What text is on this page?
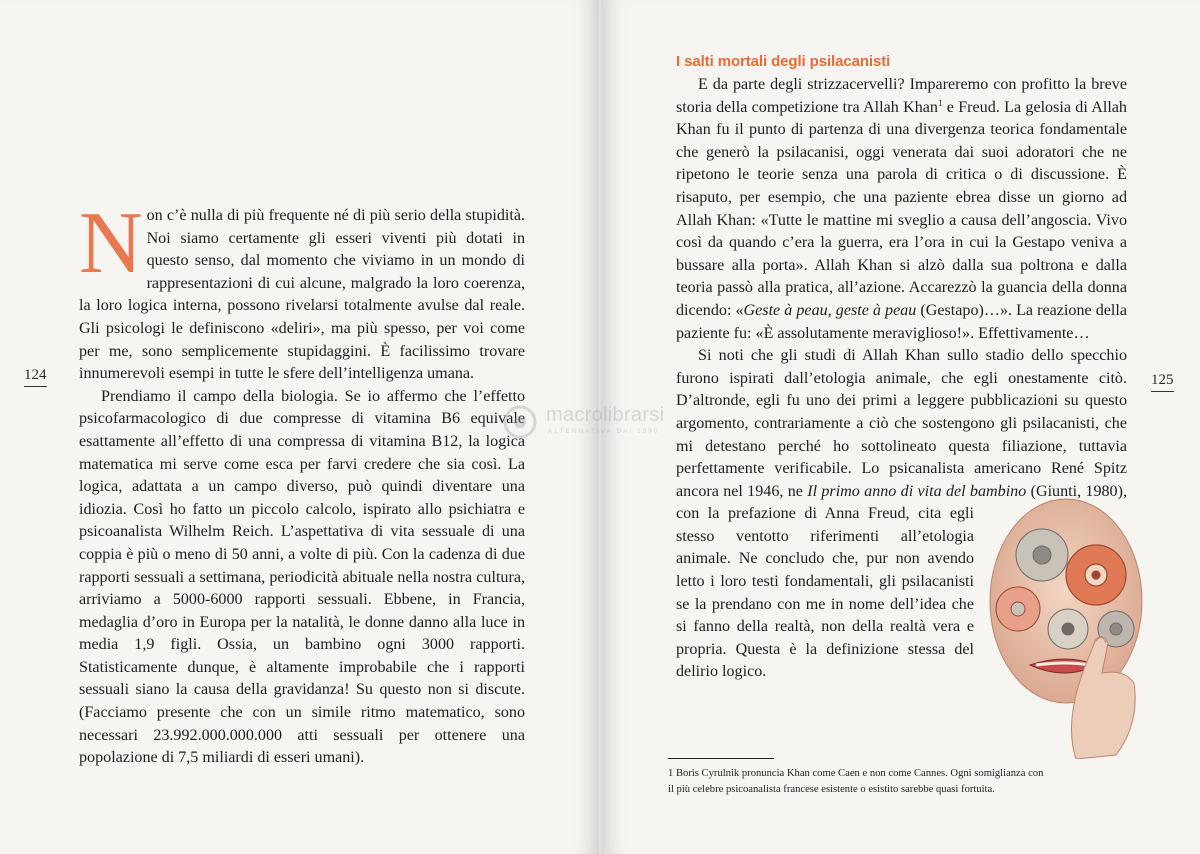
124	125

Non c’è nulla di più frequente né di più serio della stupidità. Noi siamo certamente gli esseri viventi più dotati in questo senso, dal momento che viviamo in un mondo di rappresentazioni di cui alcune, malgrado la loro coerenza, la loro logica interna, possono rivelarsi totalmente avulse dal reale. Gli psicologi le definiscono «deliri», ma più spesso, per voi come per me, sono semplicemente stupidaggini. È facilissimo trovare innumerevoli esempi in tutte le sfere dell’intelligenza umana.

Prendiamo il campo della biologia. Se io affermo che l’effetto psicofarmacologico di due compresse di vitamina B6 equivale esattamente all’effetto di una compressa di vitamina B12, la logica matematica mi serve come esca per farvi credere che sia così. La logica, adattata a un campo diverso, può quindi diventare una idiozia. Così ho fatto un piccolo calcolo, ispirato allo psichiatra e psicoanalista Wilhelm Reich. L’aspettativa di vita sessuale di una coppia è più o meno di 50 anni, a volte di più. Con la cadenza di due rapporti sessuali a settimana, periodicità abituale nella nostra cultura, arriviamo a 5000-6000 rapporti sessuali. Ebbene, in Francia, medaglia d’oro in Europa per la natalità, le donne danno alla luce in media 1,9 figli. Ossia, un bambino ogni 3000 rapporti. Statisticamente dunque, è altamente improbabile che i rapporti sessuali siano la causa della gravidanza! Su questo non si discute. (Facciamo presente che con un simile ritmo matematico, sono necessari 23.992.000.000.000 atti sessuali per ottenere una popolazione di 7,5 miliardi di esseri umani).

I salti mortali degli psilacanisti

E da parte degli strizzacervelli? Impareremo con profitto la breve storia della competizione tra Allah Khan$^1$ e Freud. La gelosia di Allah Khan fu il punto di partenza di una divergenza teorica fondamentale che generò la psilacanisi, oggi venerata dai suoi adoratori che ne ripetono le teorie senza una parola di critica o di discussione. È risaputo, per esempio, che una paziente ebrea disse un giorno ad Allah Khan: «Tutte le mattine mi sveglio a causa dell’angoscia. Vivo così da quando c’era la guerra, era l’ora in cui la Gestapo veniva a bussare alla porta». Allah Khan si alzò dalla sua poltrona e dalla teoria passò alla pratica, all’azione. Accarezzò la guancia della donna dicendo: «Geste à peau, geste à peau (Gestapo)…». La reazione della paziente fu: «È assolutamente meraviglioso!». Effettivamente…

Si noti che gli studi di Allah Khan sullo stadio dello specchio furono ispirati dall’etologia animale, che egli onestamente citò. D’altronde, egli fu uno dei primi a leggere pubblicazioni su questo argomento, contrariamente a ciò che sostengono gli psilacanisti, che mi detestano perché ho sottolineato questa filiazione, tuttavia perfettamente verificabile. Lo psicanalista americano René Spitz ancora nel 1946, ne
Il primo anno di vita del bambino (Giunti, 1980), con la prefazione di Anna Freud, cita egli stesso ventotto riferimenti all’etologia animale. Ne concludo che, pur non avendo letto i loro testi fondamentali, gli psilacanisti se la prendano con me in nome dell’idea che si fanno della realtà, non della realtà vera e propria. Questa è la definizione stessa del delirio logico.

1 Boris Cyrulnik pronuncia Khan come Caen e non come Cannes. Ogni somiglianza con il più celebre psicoanalista francese esistente o esistito sarebbe quasi fortuita.
macrolibrarsi
ALTERNATIVA DAI 1990
